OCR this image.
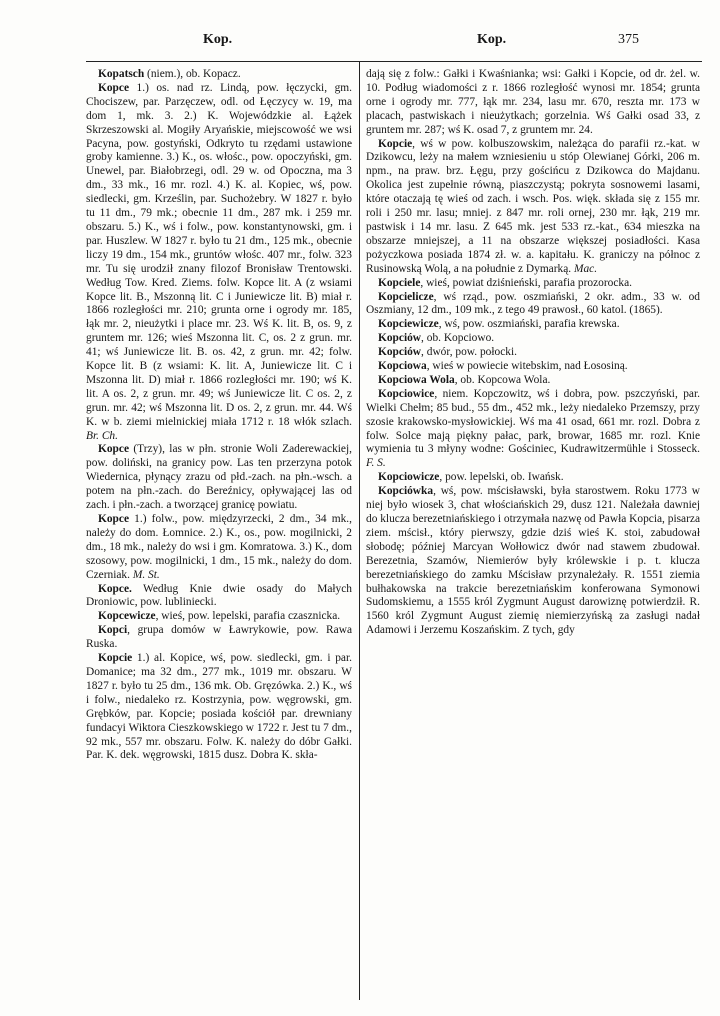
Kop.	Kop.	375

Kopatsch (niem.), ob. Kopacz.

Kopce 1.) os. nad rz. Lindą, pow. łęczycki, gm. Chociszew, par. Parzęczew, odl. od Łęczycy w. 19, ma dom 1, mk. 3. 2.) K. Wojewódzkie al. Łążek Skrzeszowski al. Mogiły Aryańskie, miejscowość we wsi Pacyna, pow. gostyński, Odkryto tu rzędami ustawione groby kamienne. 3.) K., os. włośc., pow. opoczyński, gm. Unewel, par. Białobrzegi, odl. 29 w. od Opoczna, ma 3 dm., 33 mk., 16 mr. rozl. 4.) K. al. Kopiec, wś, pow. siedlecki, gm. Krześlin, par. Suchożebry. W 1827 r. było tu 11 dm., 79 mk.; obecnie 11 dm., 287 mk. i 259 mr. obszaru. 5.) K., wś i folw., pow. konstantynowski, gm. i par. Huszlew. W 1827 r. było tu 21 dm., 125 mk., obecnie liczy 19 dm., 154 mk., gruntów włośc. 407 mr., folw. 323 mr. Tu się urodził znany filozof Bronisław Trentowski. Według Tow. Kred. Ziems. folw. Kopce lit. A (z wsiami Kopce lit. B., Mszonną lit. C i Juniewicze lit. B) miał r. 1866 rozległości mr. 210; grunta orne i ogrody mr. 185, łąk mr. 2, nieużytki i place mr. 23. Wś K. lit. B, os. 9, z gruntem mr. 126; wieś Mszonna lit. C, os. 2 z grun. mr. 41; wś Juniewicze lit. B. os. 42, z grun. mr. 42; folw. Kopce lit. B (z wsiami: K. lit. A, Juniewicze lit. C i Mszonna lit. D) miał r. 1866 rozległości mr. 190; wś K. lit. A os. 2, z grun. mr. 49; wś Juniewicze lit. C os. 2, z grun. mr. 42; wś Mszonna lit. D os. 2, z grun. mr. 44. Wś K. w b. ziemi mielnickiej miała 1712 r. 18 włók szlach. Br. Ch.

Kopce (Trzy), las w płn. stronie Woli Zaderewackiej, pow. doliński, na granicy pow. Las ten przerzyna potok Wiedernica, płynący zrazu od płd.-zach. na płn.-wsch. a potem na płn.-zach. do Bereźnicy, opływającej las od zach. i płn.-zach. a tworzącej granicę powiatu.

Kopce 1.) folw., pow. międzyrzecki, 2 dm., 34 mk., należy do dom. Łomnice. 2.) K., os., pow. mogilnicki, 2 dm., 18 mk., należy do wsi i gm. Komratowa. 3.) K., dom szosowy, pow. mogilnicki, 1 dm., 15 mk., należy do dom. Czerniak. M. St.

Kopce. Według Knie dwie osady do Małych Droniowic, pow. lubliniecki.

Kopcewicze, wieś, pow. lepelski, parafia czasznicka.

Kopci, grupa domów w Ławrykowie, pow. Rawa Ruska.

Kopcie 1.) al. Kopice, wś, pow. siedlecki, gm. i par. Domanice; ma 32 dm., 277 mk., 1019 mr. obszaru. W 1827 r. było tu 25 dm., 136 mk. Ob. Gręzówka. 2.) K., wś i folw., niedaleko rz. Kostrzynia, pow. węgrowski, gm. Grębków, par. Kopcie; posiada kościół par. drewniany fundacyi Wiktora Cieszkowskiego w 1722 r. Jest tu 7 dm., 92 mk., 557 mr. obszaru. Folw. K. należy do dóbr Gałki. Par. K. dek. węgrowski, 1815 dusz. Dobra K. skła-

dają się z folw.: Gałki i Kwaśnianka; wsi: Gałki i Kopcie, od dr. żel. w. 10. Podług wiadomości z r. 1866 rozległość wynosi mr. 1854; grunta orne i ogrody mr. 777, łąk mr. 234, lasu mr. 670, reszta mr. 173 w placach, pastwiskach i nieużytkach; gorzelnia. Wś Gałki osad 33, z gruntem mr. 287; wś K. osad 7, z gruntem mr. 24.

Kopcie, wś w pow. kolbuszowskim, należąca do parafii rz.-kat. w Dzikowcu, leży na małem wzniesieniu u stóp Olewianej Górki, 206 m. npm., na praw. brz. Łęgu, przy gościńcu z Dzikowca do Majdanu. Okolica jest zupełnie równą, piaszczystą; pokryta sosnowemi lasami, które otaczają tę wieś od zach. i wsch. Pos. więk. składa się z 155 mr. roli i 250 mr. lasu; mniej. z 847 mr. roli ornej, 230 mr. łąk, 219 mr. pastwisk i 14 mr. lasu. Z 645 mk. jest 533 rz.-kat., 634 mieszka na obszarze mniejszej, a 11 na obszarze większej posiadłości. Kasa pożyczkowa posiada 1874 zł. w. a. kapitału. K. graniczy na północ z Rusinowską Wolą, a na południe z Dymarką. Mac.

Kopciele, wieś, powiat dziśnieński, parafia prozorocka.

Kopcielicze, wś rząd., pow. oszmiański, 2 okr. adm., 33 w. od Oszmiany, 12 dm., 109 mk., z tego 49 prawosł., 60 katol. (1865).

Kopciewicze, wś, pow. oszmiański, parafia krewska.

Kopciów, ob. Kopciowo.

Kopciów, dwór, pow. połocki.

Kopciowa, wieś w powiecie witebskim, nad Łososiną.

Kopciowa Wola, ob. Kopcowa Wola.

Kopciowice, niem. Kopczowitz, wś i dobra, pow. pszczyński, par. Wielki Chełm; 85 bud., 55 dm., 452 mk., leży niedaleko Przemszy, przy szosie krakowsko-mysłowickiej. Wś ma 41 osad, 661 mr. rozl. Dobra z folw. Solce mają piękny pałac, park, browar, 1685 mr. rozl. Knie wymienia tu 3 młyny wodne: Gościniec, Kudrawitzermühle i Stosseck. F. S.

Kopciowicze, pow. lepelski, ob. Iwańsk.

Kopciówka, wś, pow. mścisławski, była starostwem. Roku 1773 w niej było wiosek 3, chat włościańskich 29, dusz 121. Należała dawniej do klucza berezetniańskiego i otrzymała nazwę od Pawła Kopcia, pisarza ziem. mścisł., który pierwszy, gdzie dziś wieś K. stoi, zabudował słobodę; później Marcyan Wołłowicz dwór nad stawem zbudował. Berezetnia, Szamów, Niemierów były królewskie i p. t. klucza berezetniańskiego do zamku Mścisław przynależały. R. 1551 ziemia bułhakowska na trakcie berezetniańskim konferowana Symonowi Sudomskiemu, a 1555 król Zygmunt August darowiznę potwierdził. R. 1560 król Zygmunt August ziemię niemierzyńską za zasługi nadał Adamowi i Jerzemu Koszańskim. Z tych, gdy
